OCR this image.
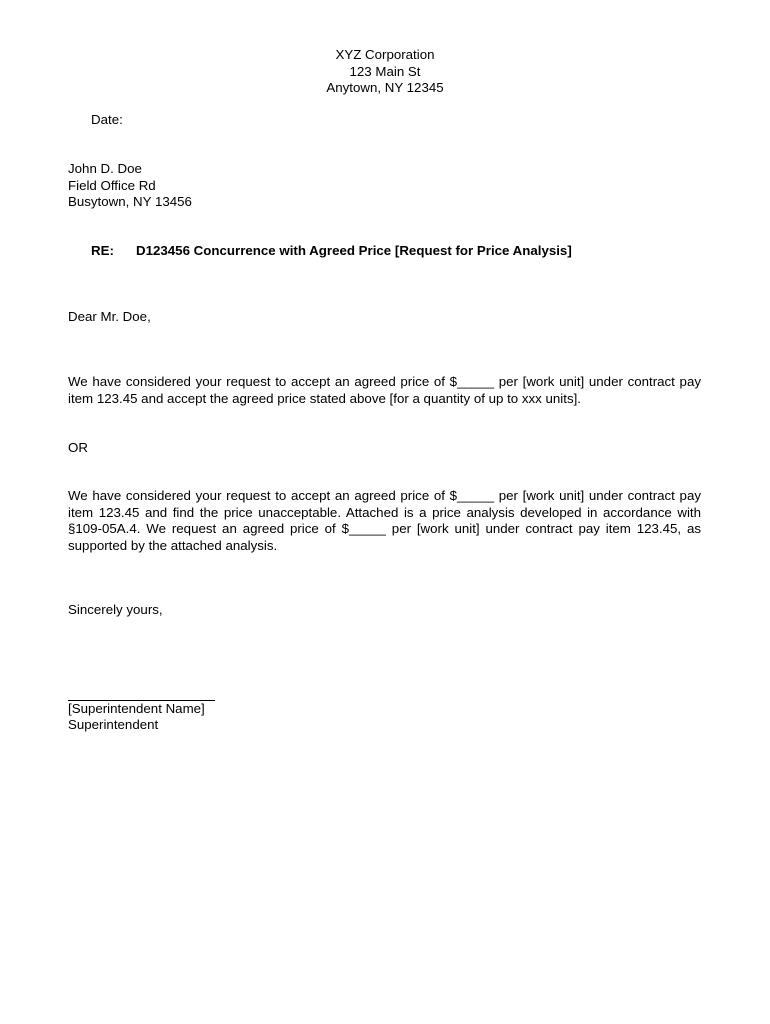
XYZ Corporation
123 Main St
Anytown, NY 12345
Date:
John D. Doe
Field Office Rd
Busytown, NY 13456
RE: D123456 Concurrence with Agreed Price [Request for Price Analysis]
Dear Mr. Doe,
We have considered your request to accept an agreed price of $_____ per [work unit] under contract pay item 123.45 and accept the agreed price stated above [for a quantity of up to xxx units].
OR
We have considered your request to accept an agreed price of $_____ per [work unit] under contract pay item 123.45 and find the price unacceptable. Attached is a price analysis developed in accordance with §109-05A.4. We request an agreed price of $_____ per [work unit] under contract pay item 123.45, as supported by the attached analysis.
Sincerely yours,
[Superintendent Name]
Superintendent
